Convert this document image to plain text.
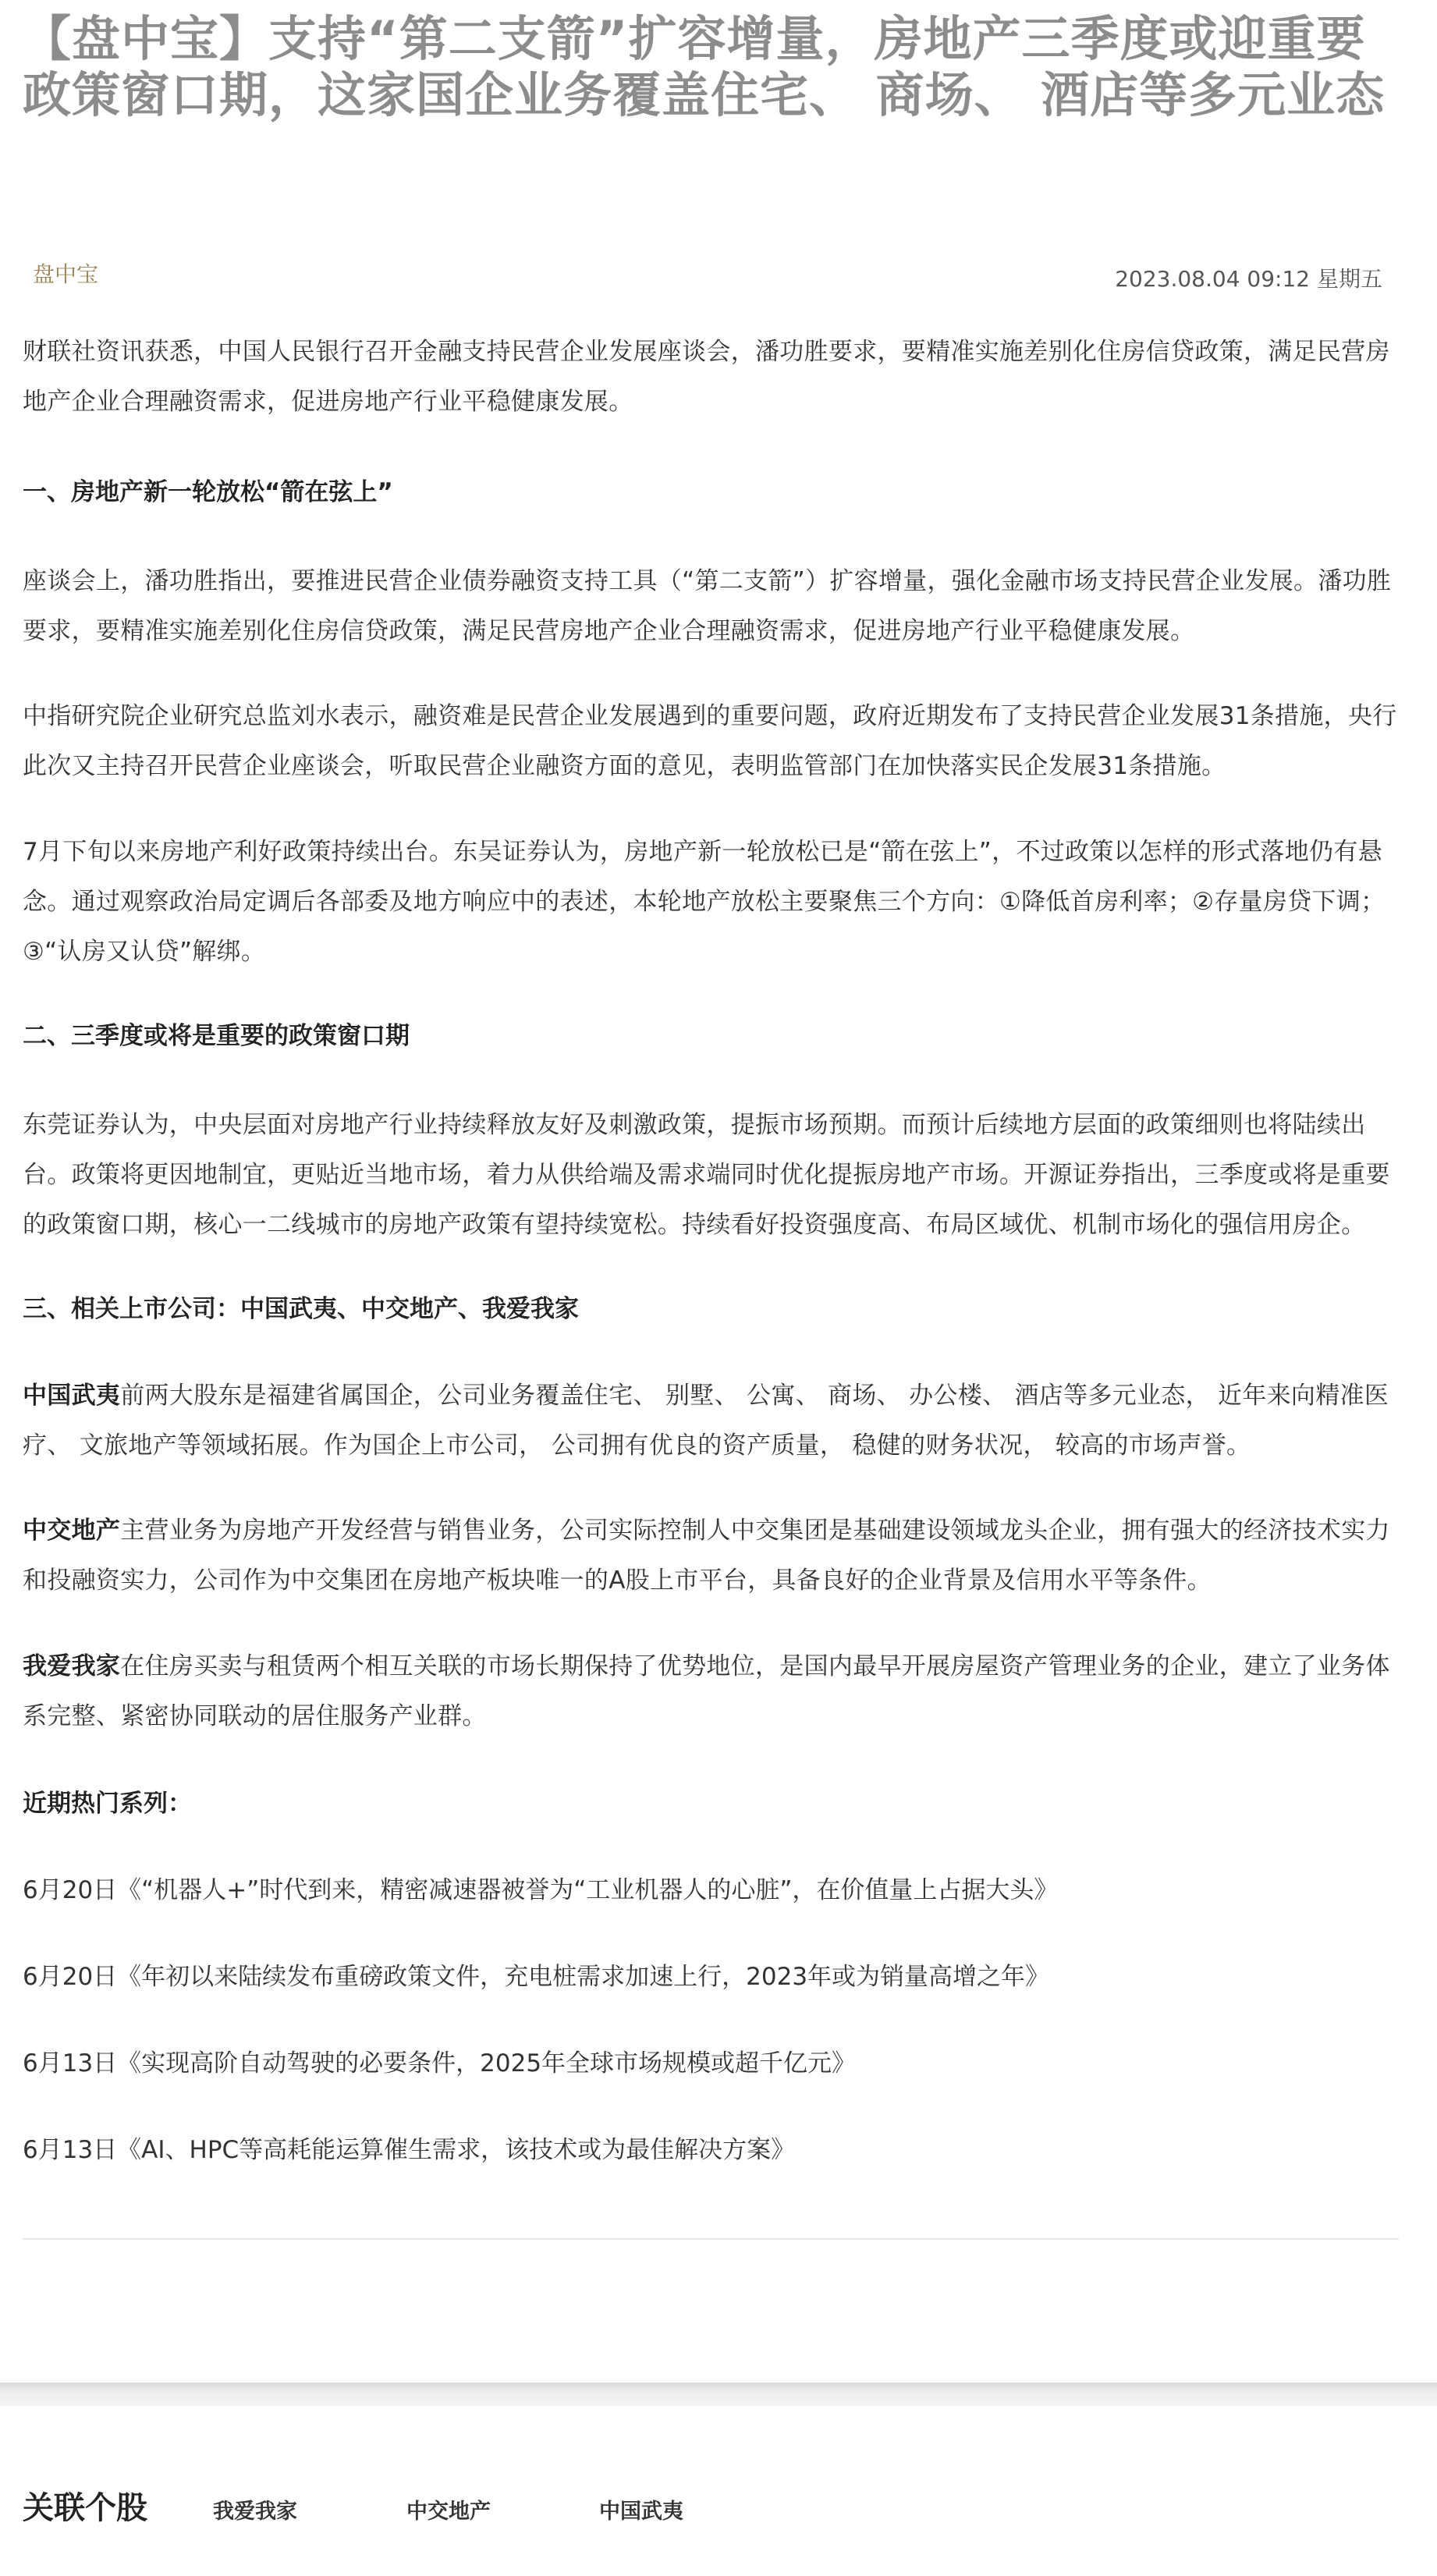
【盘中宝】支持“第二支箭”扩容增量，房地产三季度或迎重要政策窗口期，这家国企业务覆盖住宅、 商场、 酒店等多元业态
盘中宝	2023.08.04 09:12 星期五

财联社资讯获悉，中国人民银行召开金融支持民营企业发展座谈会，潘功胜要求，要精准实施差别化住房信贷政策，满足民营房地产企业合理融资需求，促进房地产行业平稳健康发展。

一、房地产新一轮放松“箭在弦上”

座谈会上，潘功胜指出，要推进民营企业债券融资支持工具（“第二支箭”）扩容增量，强化金融市场支持民营企业发展。潘功胜要求，要精准实施差别化住房信贷政策，满足民营房地产企业合理融资需求，促进房地产行业平稳健康发展。

中指研究院企业研究总监刘水表示，融资难是民营企业发展遇到的重要问题，政府近期发布了支持民营企业发展31条措施，央行此次又主持召开民营企业座谈会，听取民营企业融资方面的意见，表明监管部门在加快落实民企发展31条措施。

7月下旬以来房地产利好政策持续出台。东吴证券认为，房地产新一轮放松已是“箭在弦上”，不过政策以怎样的形式落地仍有悬念。通过观察政治局定调后各部委及地方响应中的表述，本轮地产放松主要聚焦三个方向：①降低首房利率；②存量房贷下调；③“认房又认贷”解绑。

二、三季度或将是重要的政策窗口期

东莞证券认为，中央层面对房地产行业持续释放友好及刺激政策，提振市场预期。而预计后续地方层面的政策细则也将陆续出台。政策将更因地制宜，更贴近当地市场，着力从供给端及需求端同时优化提振房地产市场。开源证券指出，三季度或将是重要的政策窗口期，核心一二线城市的房地产政策有望持续宽松。持续看好投资强度高、布局区域优、机制市场化的强信用房企。

三、相关上市公司：中国武夷、中交地产、我爱我家

中国武夷前两大股东是福建省属国企，公司业务覆盖住宅、 别墅、 公寓、 商场、 办公楼、 酒店等多元业态， 近年来向精准医疗、 文旅地产等领域拓展。作为国企上市公司， 公司拥有优良的资产质量， 稳健的财务状况， 较高的市场声誉。

中交地产主营业务为房地产开发经营与销售业务，公司实际控制人中交集团是基础建设领域龙头企业，拥有强大的经济技术实力和投融资实力，公司作为中交集团在房地产板块唯一的A股上市平台，具备良好的企业背景及信用水平等条件。

我爱我家在住房买卖与租赁两个相互关联的市场长期保持了优势地位，是国内最早开展房屋资产管理业务的企业，建立了业务体系完整、紧密协同联动的居住服务产业群。

近期热门系列：
6月20日《“机器人+”时代到来，精密减速器被誉为“工业机器人的心脏”，在价值量上占据大头》
6月20日《年初以来陆续发布重磅政策文件，充电桩需求加速上行，2023年或为销量高增之年》
6月13日《实现高阶自动驾驶的必要条件，2025年全球市场规模或超千亿元》
6月13日《AI、HPC等高耗能运算催生需求，该技术或为最佳解决方案》
关联个股	我爱我家	中交地产	中国武夷
